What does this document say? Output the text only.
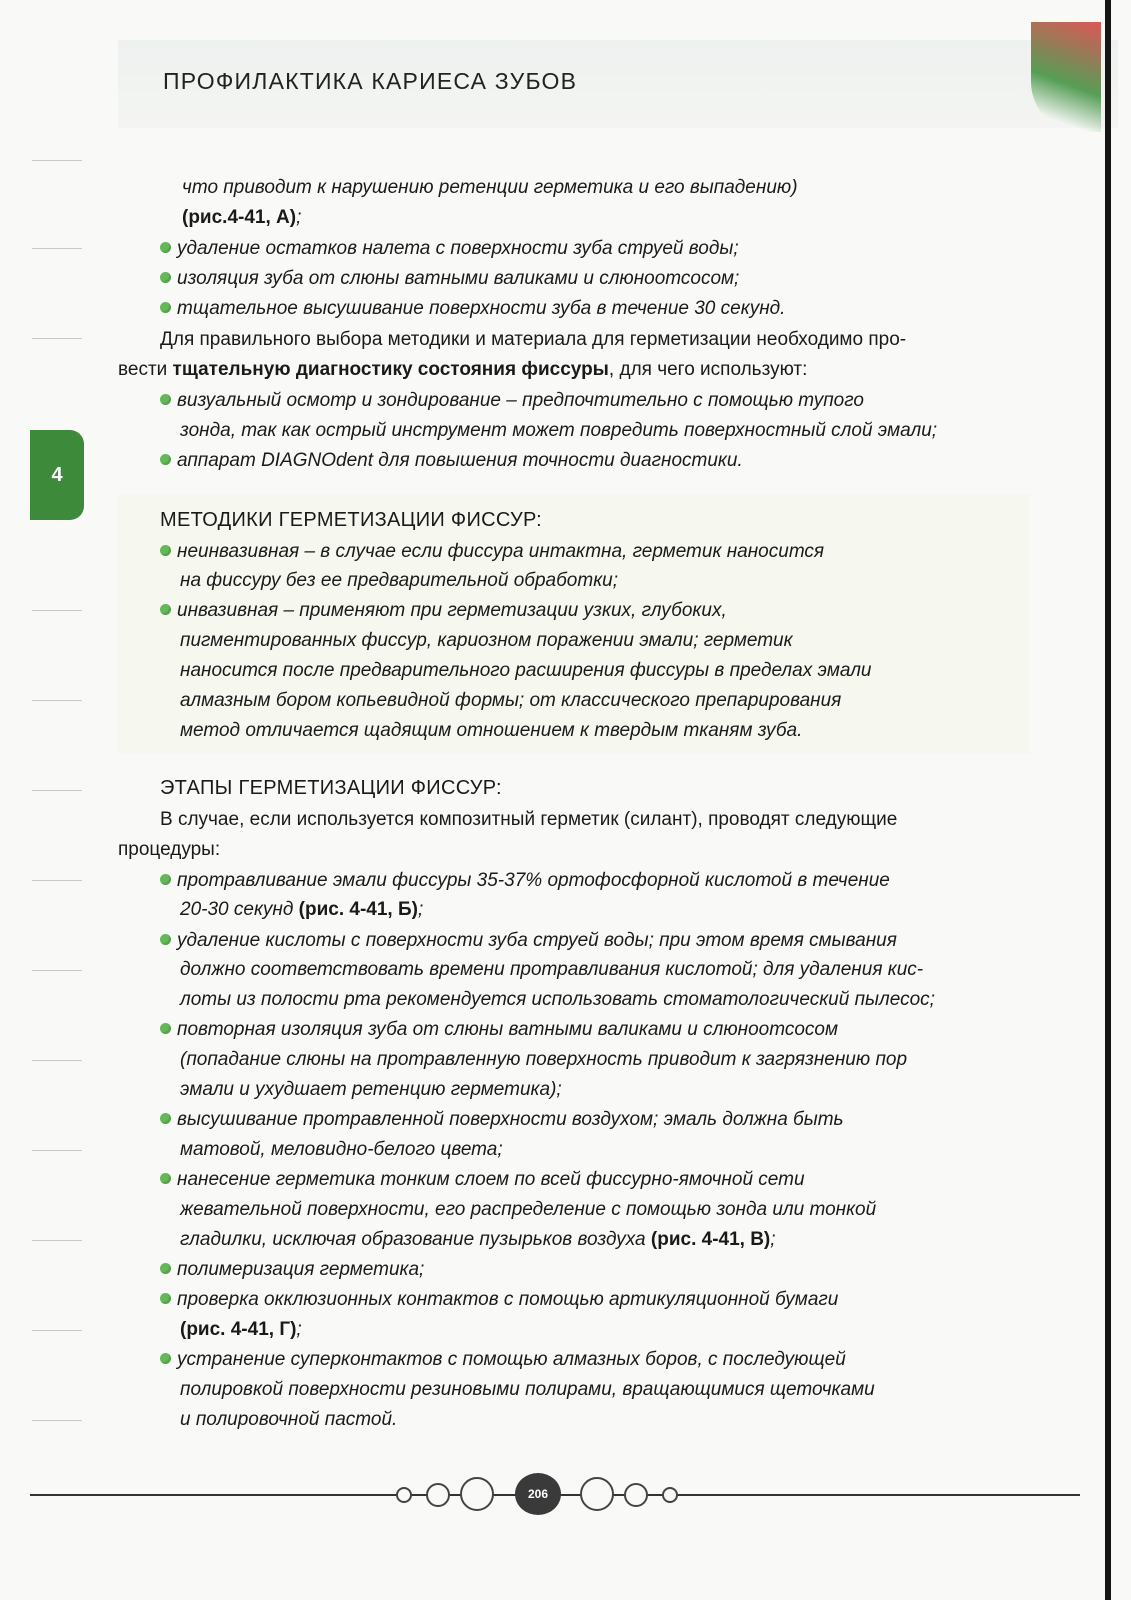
ПРОФИЛАКТИКА КАРИЕСА ЗУБОВ
4
что приводит к нарушению ретенции герметика и его выпадению)
(рис.4-41, А);
удаление остатков налета с поверхности зуба струей воды;
изоляция зуба от слюны ватными валиками и слюноотсосом;
тщательное высушивание поверхности зуба в течение 30 секунд.
Для правильного выбора методики и материала для герметизации необходимо про-
вести тщательную диагностику состояния фиссуры, для чего используют:
визуальный осмотр и зондирование – предпочтительно с помощью тупого
зонда, так как острый инструмент может повредить поверхностный слой эмали;
аппарат DIAGNOdent для повышения точности диагностики.
МЕТОДИКИ ГЕРМЕТИЗАЦИИ ФИССУР:
неинвазивная – в случае если фиссура интактна, герметик наносится
на фиссуру без ее предварительной обработки;
инвазивная – применяют при герметизации узких, глубоких,
пигментированных фиссур, кариозном поражении эмали; герметик
наносится после предварительного расширения фиссуры в пределах эмали
алмазным бором копьевидной формы; от классического препарирования
метод отличается щадящим отношением к твердым тканям зуба.
ЭТАПЫ ГЕРМЕТИЗАЦИИ ФИССУР:
В случае, если используется композитный герметик (силант), проводят следующие
процедуры:
протравливание эмали фиссуры 35-37% ортофосфорной кислотой в течение
20-30 секунд (рис. 4-41, Б);
удаление кислоты с поверхности зуба струей воды; при этом время смывания
должно соответствовать времени протравливания кислотой; для удаления кис-
лоты из полости рта рекомендуется использовать стоматологический пылесос;
повторная изоляция зуба от слюны ватными валиками и слюноотсосом
(попадание слюны на протравленную поверхность приводит к загрязнению пор
эмали и ухудшает ретенцию герметика);
высушивание протравленной поверхности воздухом; эмаль должна быть
матовой, меловидно-белого цвета;
нанесение герметика тонким слоем по всей фиссурно-ямочной сети
жевательной поверхности, его распределение с помощью зонда или тонкой
гладилки, исключая образование пузырьков воздуха (рис. 4-41, В);
полимеризация герметика;
проверка окклюзионных контактов с помощью артикуляционной бумаги
(рис. 4-41, Г);
устранение суперконтактов с помощью алмазных боров, с последующей
полировкой поверхности резиновыми полирами, вращающимися щеточками
и полировочной пастой.
206
